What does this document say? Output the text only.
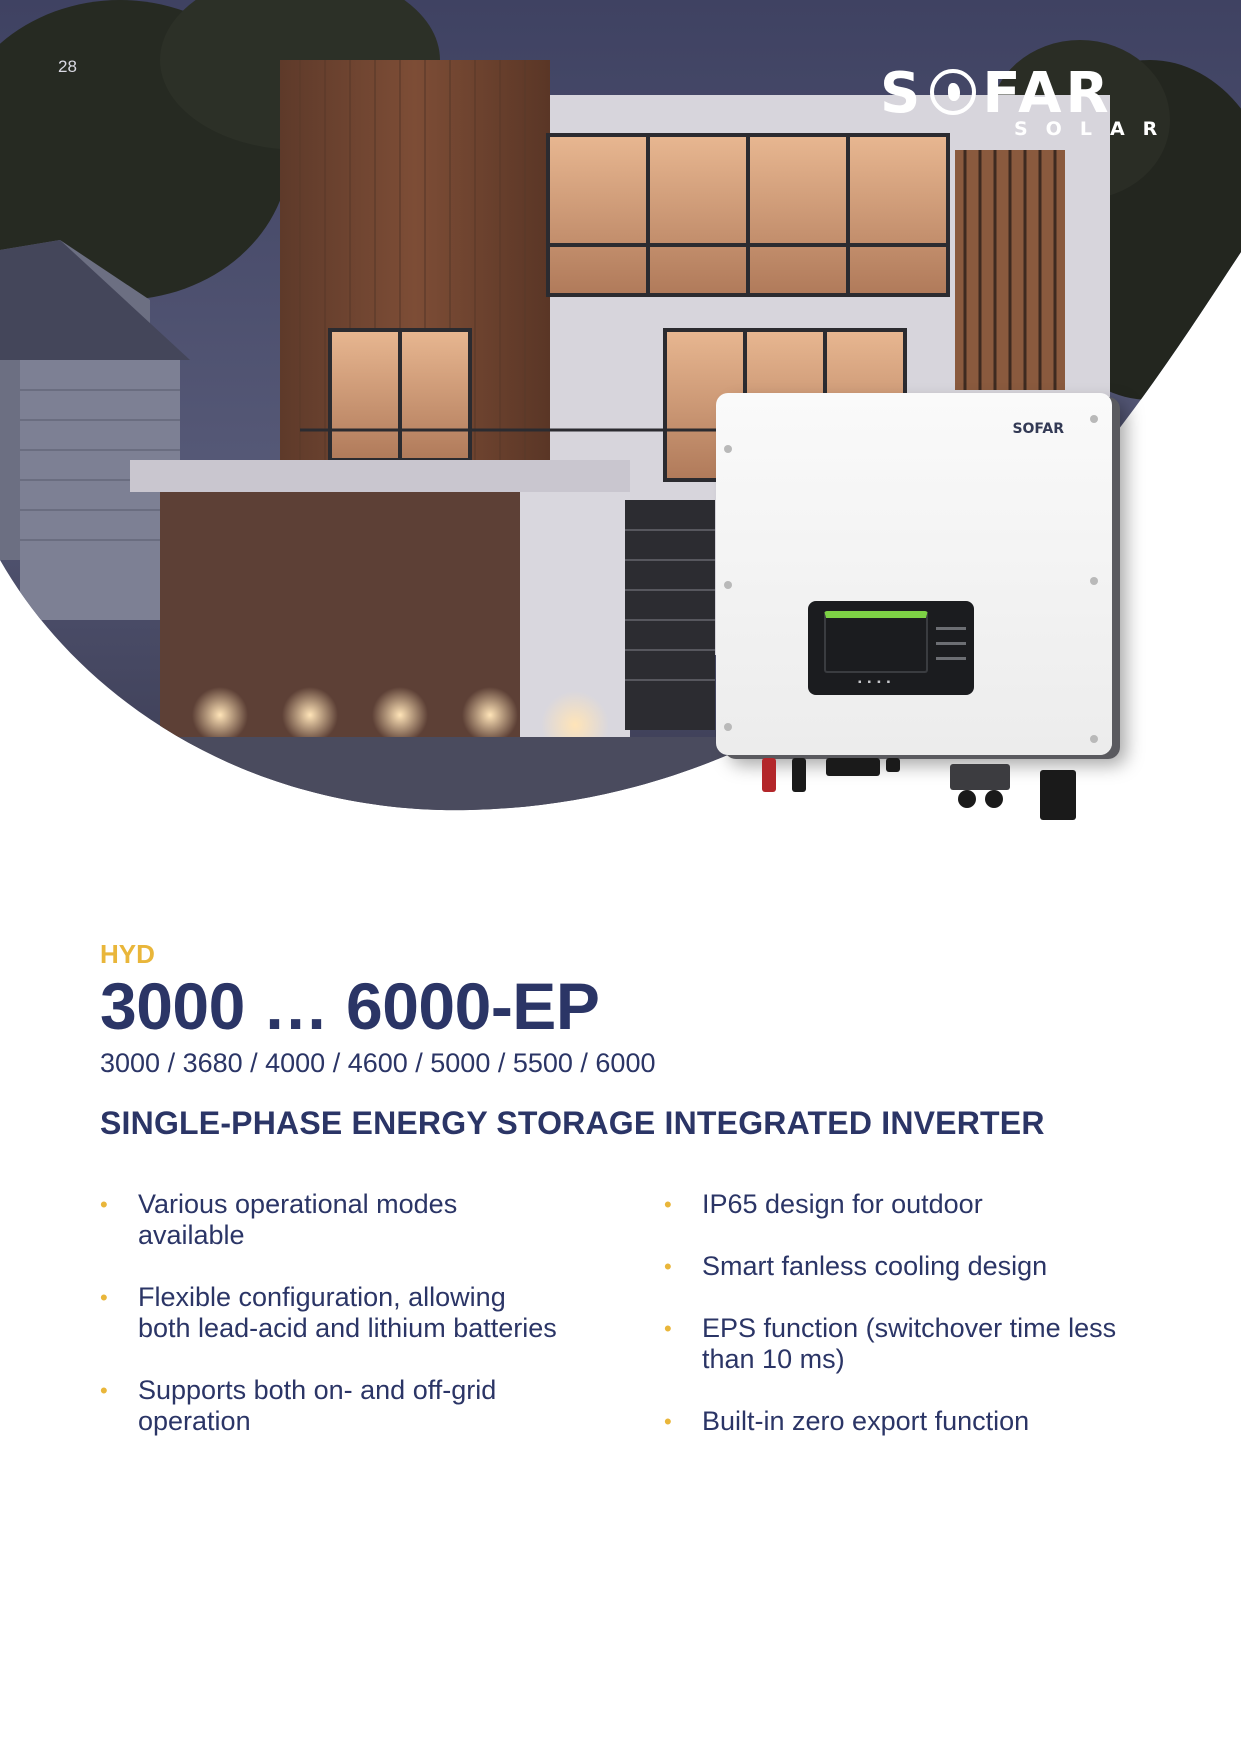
28	S FAR
SOLAR
SOFAR
▪▪▪▪
HYD
3000 … 6000-EP
3000 / 3680 / 4000 / 4600 / 5000 / 5500 / 6000
SINGLE-PHASE ENERGY STORAGE INTEGRATED INVERTER
• Various operational modes available
• Flexible configuration, allowing both lead-acid and lithium batteries
• Supports both on- and off-grid operation
• IP65 design for outdoor
• Smart fanless cooling design
• EPS function (switchover time less than 10 ms)
• Built-in zero export function
